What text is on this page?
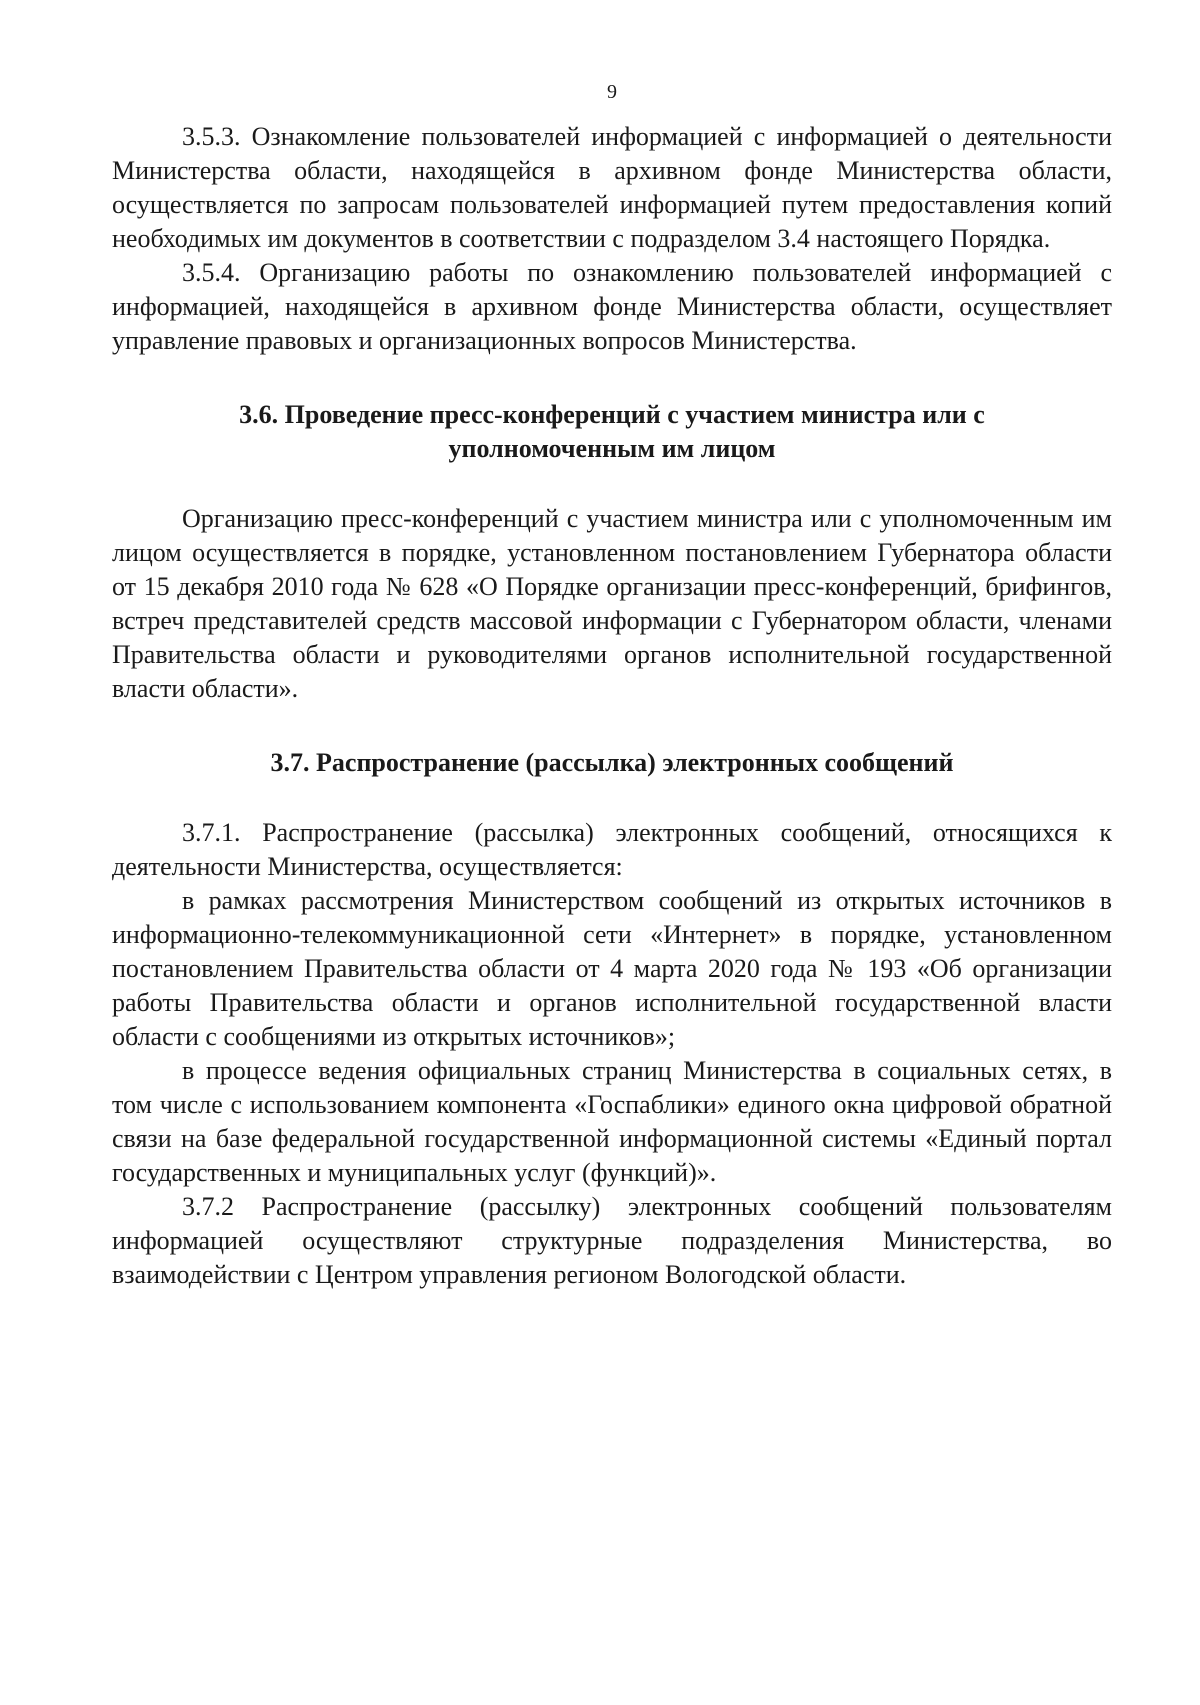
9

3.5.3. Ознакомление пользователей информацией с информацией о деятельности Министерства области, находящейся в архивном фонде Министерства области, осуществляется по запросам пользователей информацией путем предоставления копий необходимых им документов в соответствии с подразделом 3.4 настоящего Порядка.

3.5.4. Организацию работы по ознакомлению пользователей информацией с информацией, находящейся в архивном фонде Министерства области, осуществляет управление правовых и организационных вопросов Министерства.

3.6. Проведение пресс-конференций с участием министра или с
уполномоченным им лицом

Организацию пресс-конференций с участием министра или с уполномоченным им лицом осуществляется в порядке, установленном постановлением Губернатора области от 15 декабря 2010 года № 628 «О Порядке организации пресс-конференций, брифингов, встреч представителей средств массовой информации с Губернатором области, членами Правительства области и руководителями органов исполнительной государственной власти области».

3.7. Распространение (рассылка) электронных сообщений

3.7.1. Распространение (рассылка) электронных сообщений, относящихся к деятельности Министерства, осуществляется:

в рамках рассмотрения Министерством сообщений из открытых источников в информационно-телекоммуникационной сети «Интернет» в порядке, установленном постановлением Правительства области от 4 марта 2020 года № 193 «Об организации работы Правительства области и органов исполнительной государственной власти области с сообщениями из открытых источников»;

в процессе ведения официальных страниц Министерства в социальных сетях, в том числе с использованием компонента «Госпаблики» единого окна цифровой обратной связи на базе федеральной государственной информационной системы «Единый портал государственных и муниципальных услуг (функций)».

3.7.2 Распространение (рассылку) электронных сообщений пользователям информацией осуществляют структурные подразделения Министерства, во взаимодействии с Центром управления регионом Вологодской области.
